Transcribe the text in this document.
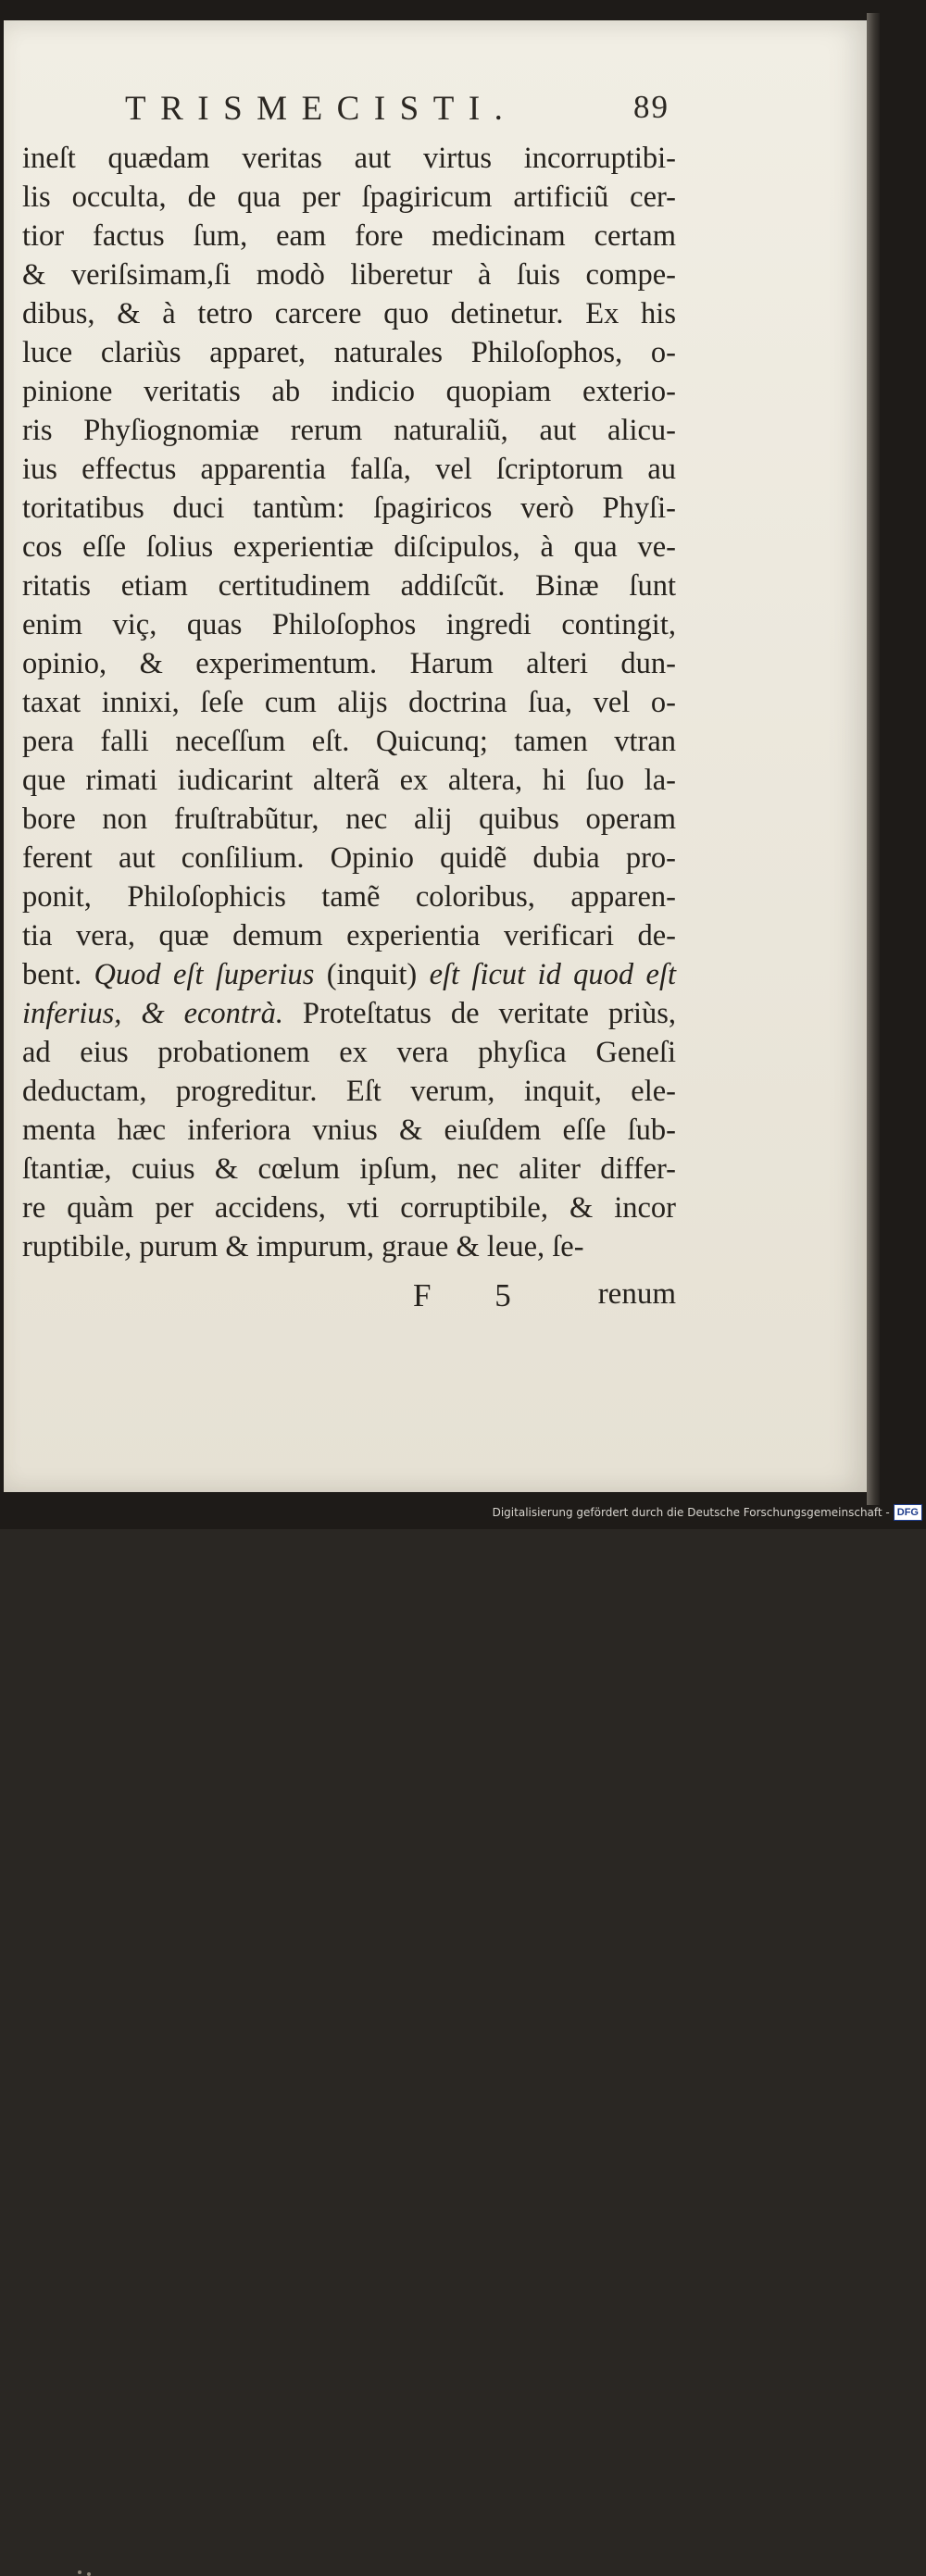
TRISMECISTI.	89
ineſt quædam veritas aut virtus incorruptibi-
lis occulta, de qua per ſpagiricum artificiũ cer-
tior factus ſum, eam fore medicinam certam
& veriſsimam,ſi modò liberetur à ſuis compe-
dibus, & à tetro carcere quo detinetur. Ex his
luce clariùs apparet, naturales Philoſophos, o-
pinione veritatis ab indicio quopiam exterio-
ris Phyſiognomiæ rerum naturaliũ, aut alicu-
ius effectus apparentia falſa, vel ſcriptorum au
toritatibus duci tantùm: ſpagiricos verò Phyſi-
cos eſſe ſolius experientiæ diſcipulos, à qua ve-
ritatis etiam certitudinem addiſcũt. Binæ ſunt
enim viç, quas Philoſophos ingredi contingit,
opinio, & experimentum. Harum alteri dun-
taxat innixi, ſeſe cum alijs doctrina ſua, vel o-
pera falli neceſſum eſt. Quicunq; tamen vtran
que rimati iudicarint alterã ex altera, hi ſuo la-
bore non fruſtrabũtur, nec alij quibus operam
ferent aut conſilium. Opinio quidẽ dubia pro-
ponit, Philoſophicis tamẽ coloribus, apparen-
tia vera, quæ demum experientia verificari de-
bent. Quod eſt ſuperius (inquit) eſt ſicut id quod eſt
inferius, & econtrà. Proteſtatus de veritate priùs,
ad eius probationem ex vera phyſica Geneſi
deductam, progreditur. Eſt verum, inquit, ele-
menta hæc inferiora vnius & eiuſdem eſſe ſub-
ſtantiæ, cuius & cœlum ipſum, nec aliter differ-
re quàm per accidens, vti corruptibile, & incor
ruptibile, purum & impurum, graue & leue, ſe-
F 5 renum
Digitalisierung gefördert durch die Deutsche Forschungsgemeinschaft - DFG
